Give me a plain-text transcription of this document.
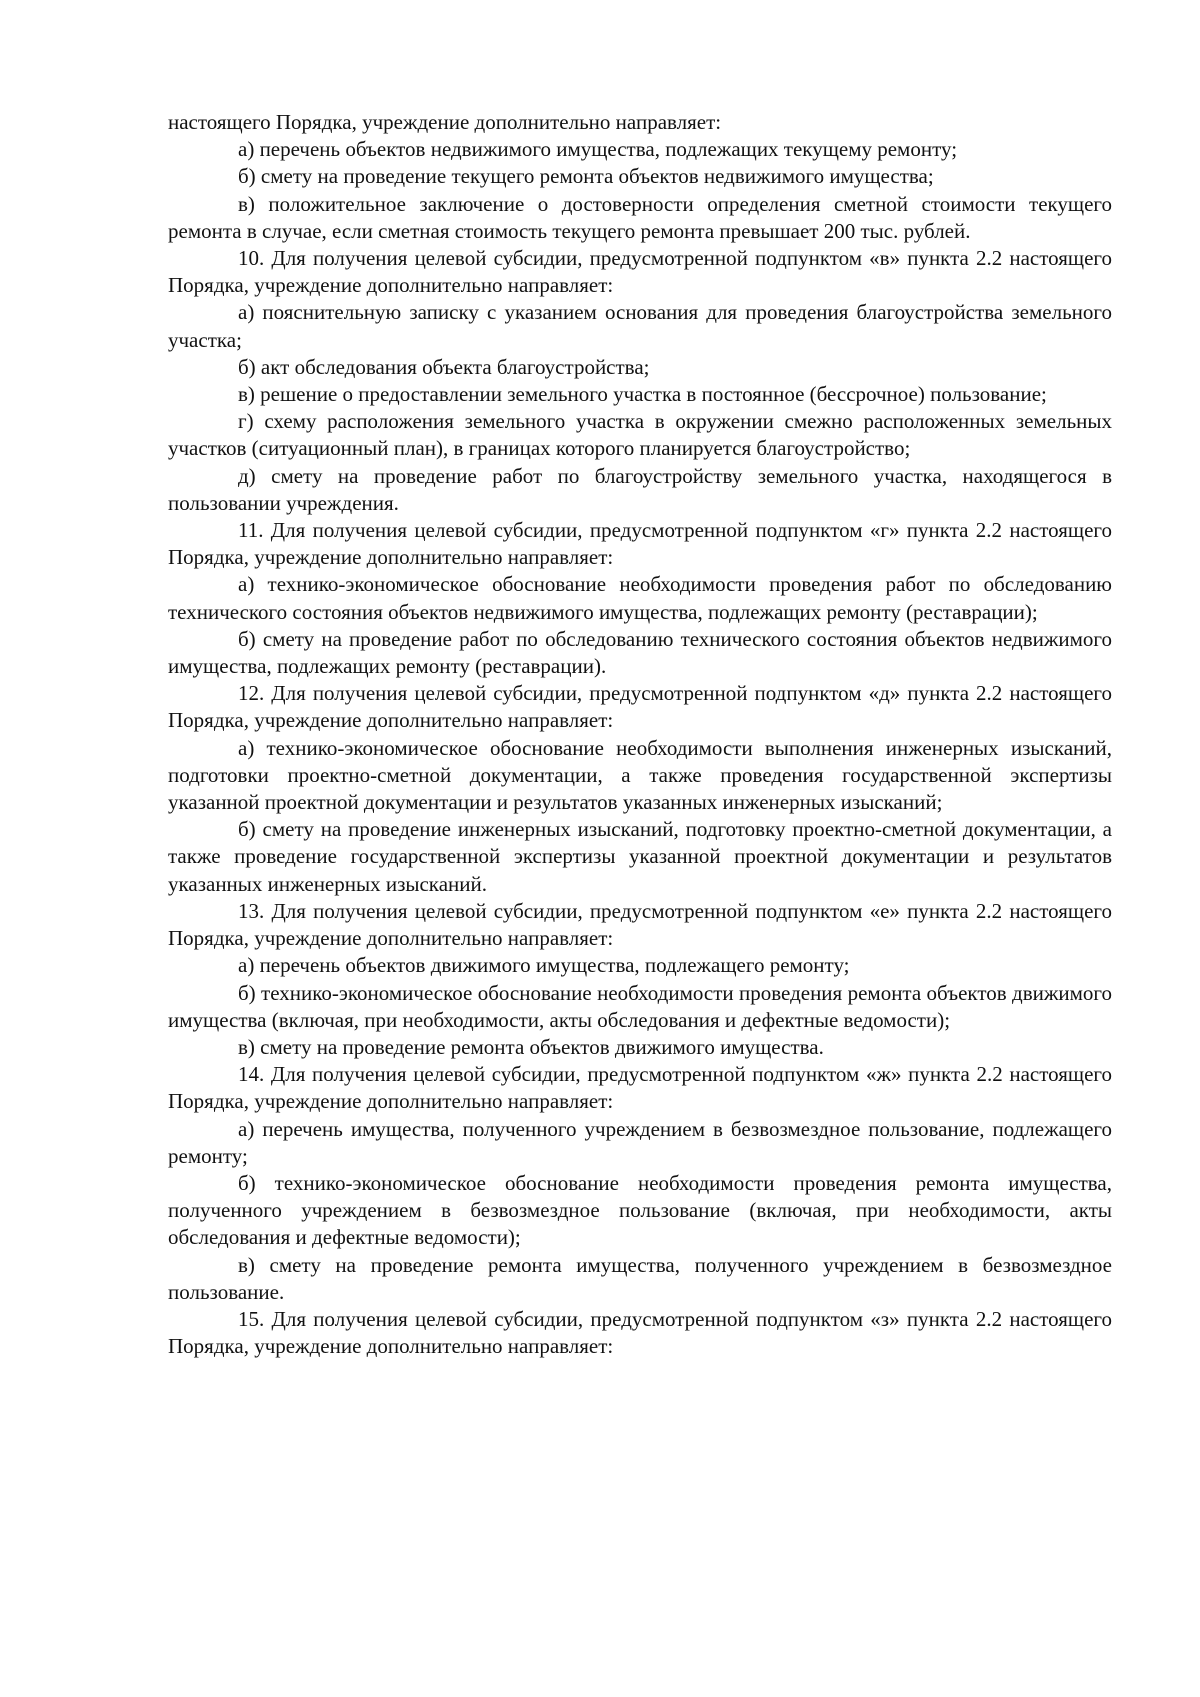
настоящего Порядка, учреждение дополнительно направляет:

а) перечень объектов недвижимого имущества, подлежащих текущему ремонту;

б) смету на проведение текущего ремонта объектов недвижимого имущества;

в) положительное заключение о достоверности определения сметной стоимости текущего ремонта в случае, если сметная стоимость текущего ремонта превышает 200 тыс. рублей.

10. Для получения целевой субсидии, предусмотренной подпунктом «в» пункта 2.2 настоящего Порядка, учреждение дополнительно направляет:

а) пояснительную записку с указанием основания для проведения благоустройства земельного участка;

б) акт обследования объекта благоустройства;

в) решение о предоставлении земельного участка в постоянное (бессрочное) пользование;

г) схему расположения земельного участка в окружении смежно расположенных земельных участков (ситуационный план), в границах которого планируется благоустройство;

д) смету на проведение работ по благоустройству земельного участка, находящегося в пользовании учреждения.

11. Для получения целевой субсидии, предусмотренной подпунктом «г» пункта 2.2 настоящего Порядка, учреждение дополнительно направляет:

а) технико-экономическое обоснование необходимости проведения работ по обследованию технического состояния объектов недвижимого имущества, подлежащих ремонту (реставрации);

б) смету на проведение работ по обследованию технического состояния объектов недвижимого имущества, подлежащих ремонту (реставрации).

12. Для получения целевой субсидии, предусмотренной подпунктом «д» пункта 2.2 настоящего Порядка, учреждение дополнительно направляет:

а) технико-экономическое обоснование необходимости выполнения инженерных изысканий, подготовки проектно-сметной документации, а также проведения государственной экспертизы указанной проектной документации и результатов указанных инженерных изысканий;

б) смету на проведение инженерных изысканий, подготовку проектно-сметной документации, а также проведение государственной экспертизы указанной проектной документации и результатов указанных инженерных изысканий.

13. Для получения целевой субсидии, предусмотренной подпунктом «е» пункта 2.2 настоящего Порядка, учреждение дополнительно направляет:

а) перечень объектов движимого имущества, подлежащего ремонту;

б) технико-экономическое обоснование необходимости проведения ремонта объектов движимого имущества (включая, при необходимости, акты обследования и дефектные ведомости);

в) смету на проведение ремонта объектов движимого имущества.

14. Для получения целевой субсидии, предусмотренной подпунктом «ж» пункта 2.2 настоящего Порядка, учреждение дополнительно направляет:

а) перечень имущества, полученного учреждением в безвозмездное пользование, подлежащего ремонту;

б) технико-экономическое обоснование необходимости проведения ремонта имущества, полученного учреждением в безвозмездное пользование (включая, при необходимости, акты обследования и дефектные ведомости);

в) смету на проведение ремонта имущества, полученного учреждением в безвозмездное пользование.

15. Для получения целевой субсидии, предусмотренной подпунктом «з» пункта 2.2 настоящего Порядка, учреждение дополнительно направляет:
